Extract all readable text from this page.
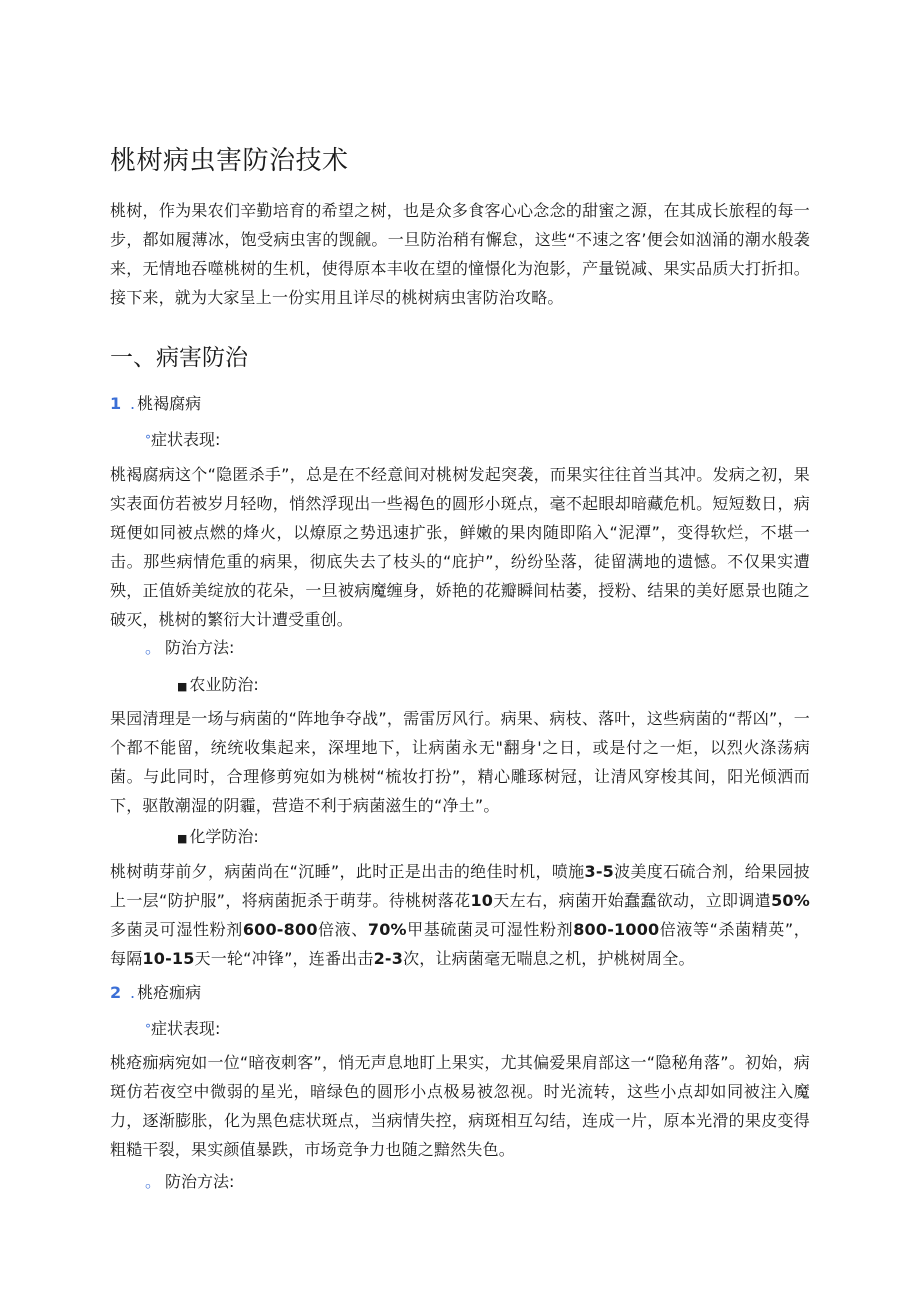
桃树病虫害防治技术

桃树，作为果农们辛勤培育的希望之树，也是众多食客心心念念的甜蜜之源，在其成长旅程的每一步，都如履薄冰，饱受病虫害的觊觎。一旦防治稍有懈怠，这些“不速之客’便会如汹涌的潮水般袭来，无情地吞噬桃树的生机，使得原本丰收在望的憧憬化为泡影，产量锐减、果实品质大打折扣。接下来，就为大家呈上一份实用且详尽的桃树病虫害防治攻略。

一、病害防治
1 . 桃褐腐病
°症状表现:

桃褐腐病这个“隐匿杀手”，总是在不经意间对桃树发起突袭，而果实往往首当其冲。发病之初，果实表面仿若被岁月轻吻，悄然浮现出一些褐色的圆形小斑点，毫不起眼却暗藏危机。短短数日，病斑便如同被点燃的烽火，以燎原之势迅速扩张，鲜嫩的果肉随即陷入“泥潭”，变得软烂，不堪一击。那些病情危重的病果，彻底失去了枝头的“庇护”，纷纷坠落，徒留满地的遗憾。不仅果实遭殃，正值娇美绽放的花朵，一旦被病魔缠身，娇艳的花瓣瞬间枯萎，授粉、结果的美好愿景也随之破灭，桃树的繁衍大计遭受重创。

。 防治方法:
■ 农业防治:

果园清理是一场与病菌的“阵地争夺战”，需雷厉风行。病果、病枝、落叶，这些病菌的“帮凶”，一个都不能留，统统收集起来，深埋地下，让病菌永无"翻身'之日，或是付之一炬，以烈火涤荡病菌。与此同时，合理修剪宛如为桃树“梳妆打扮”，精心雕琢树冠，让清风穿梭其间，阳光倾洒而下，驱散潮湿的阴霾，营造不利于病菌滋生的“净土”。

■ 化学防治:

桃树萌芽前夕，病菌尚在“沉睡”，此时正是出击的绝佳时机，喷施3-5波美度石硫合剂，给果园披上一层“防护服”，将病菌扼杀于萌芽。待桃树落花10天左右，病菌开始蠢蠢欲动，立即调遣50%多菌灵可湿性粉剂600-800倍液、70%甲基硫菌灵可湿性粉剂800-1000倍液等“杀菌精英”，每隔10-15天一轮“冲锋”，连番出击2-3次，让病菌毫无喘息之机，护桃树周全。

2 . 桃疮痂病
°症状表现:

桃疮痂病宛如一位“暗夜刺客”，悄无声息地盯上果实，尤其偏爱果肩部这一“隐秘角落”。初始，病斑仿若夜空中微弱的星光，暗绿色的圆形小点极易被忽视。时光流转，这些小点却如同被注入魔力，逐渐膨胀，化为黑色痣状斑点，当病情失控，病斑相互勾结，连成一片，原本光滑的果皮变得粗糙干裂，果实颜值暴跌，市场竞争力也随之黯然失色。

。 防治方法:
